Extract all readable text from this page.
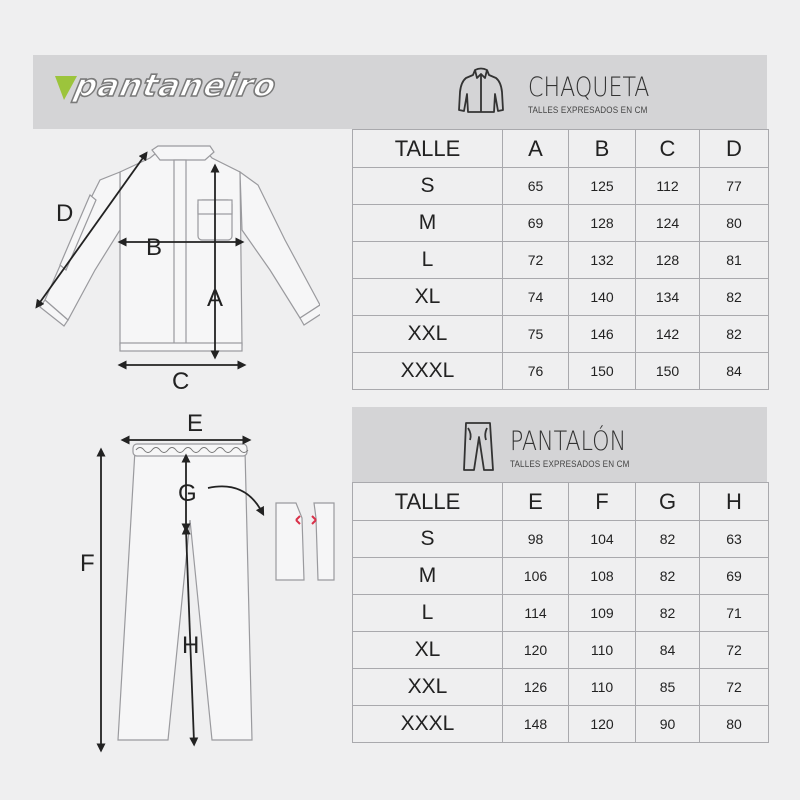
pantaneiro	CHAQUETA
TALLES EXPRESADOS EN CM
TALLE	A	B	C	D
S	65	125	112	77
M	69	128	124	80
L	72	132	128	81
XL	74	140	134	82
XXL	75	146	142	82
XXXL	76	150	150	84
PANTALÓN
TALLES EXPRESADOS EN CM
TALLE	E	F	G	H
S	98	104	82	63
M	106	108	82	69
L	114	109	82	71
XL	120	110	84	72
XXL	126	110	85	72
XXXL	148	120	90	80
A
B
C
D
E
F
G
H
